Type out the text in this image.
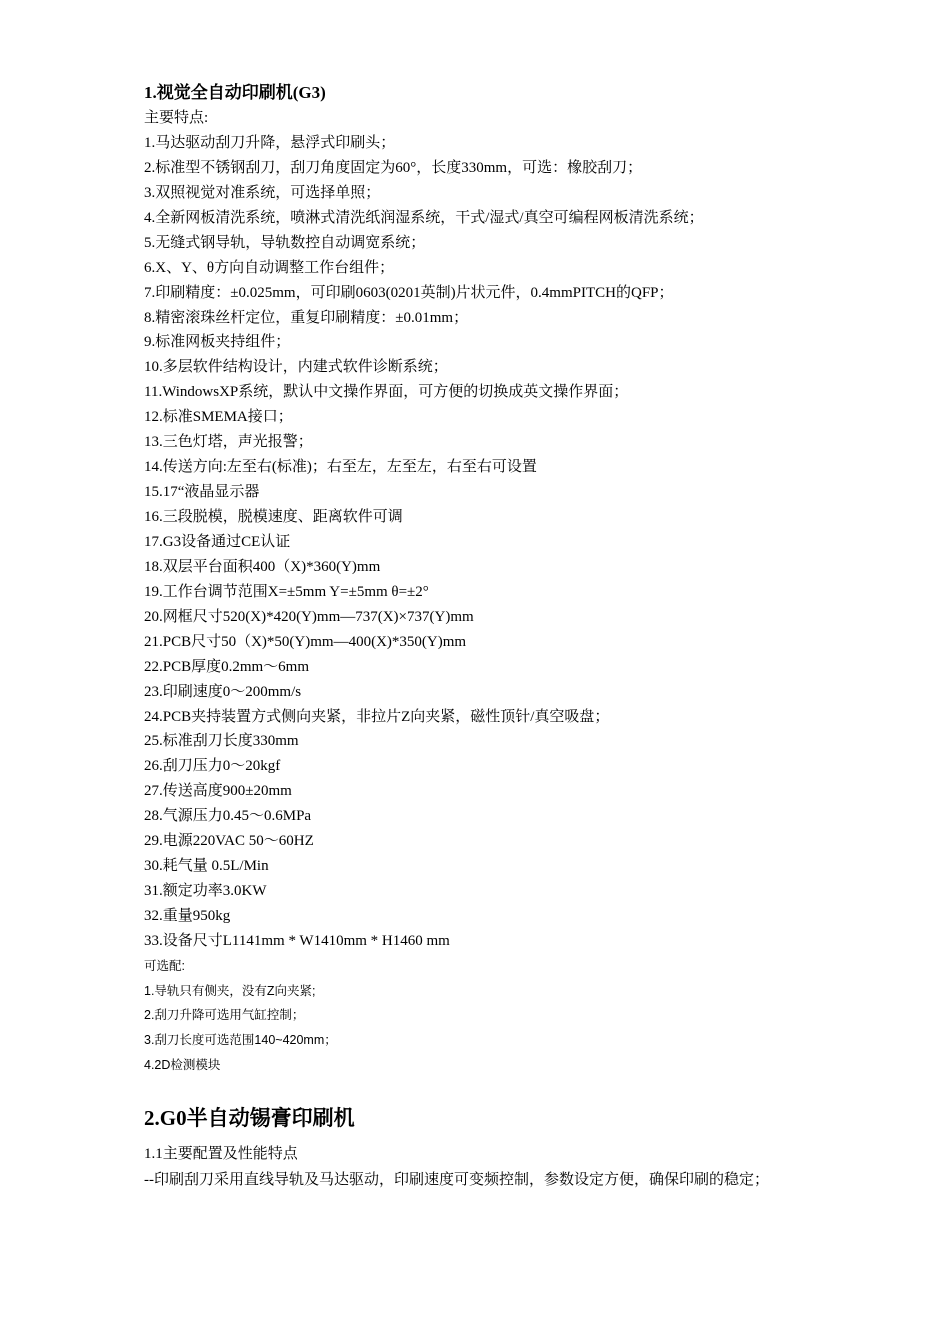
1.视觉全自动印刷机(G3)
主要特点:
1.马达驱动刮刀升降，悬浮式印刷头；
2.标准型不锈钢刮刀，刮刀角度固定为60°，长度330mm，可选：橡胶刮刀；
3.双照视觉对准系统，可选择单照；
4.全新网板清洗系统，喷淋式清洗纸润湿系统，干式/湿式/真空可编程网板清洗系统；
5.无缝式钢导轨，导轨数控自动调宽系统；
6.X、Y、θ方向自动调整工作台组件；
7.印刷精度：±0.025mm，可印刷0603(0201英制)片状元件，0.4mmPITCH的QFP；
8.精密滚珠丝杆定位，重复印刷精度：±0.01mm；
9.标准网板夹持组件；
10.多层软件结构设计，内建式软件诊断系统；
11.WindowsXP系统，默认中文操作界面，可方便的切换成英文操作界面；
12.标准SMEMA接口；
13.三色灯塔，声光报警；
14.传送方向:左至右(标准)；右至左，左至左，右至右可设置
15.17“液晶显示器
16.三段脱模，脱模速度、距离软件可调
17.G3设备通过CE认证
18.双层平台面积400（X)*360(Y)mm
19.工作台调节范围X=±5mm Y=±5mm θ=±2°
20.网框尺寸520(X)*420(Y)mm—737(X)×737(Y)mm
21.PCB尺寸50（X)*50(Y)mm—400(X)*350(Y)mm
22.PCB厚度0.2mm～6mm
23.印刷速度0～200mm/s
24.PCB夹持装置方式侧向夹紧，非拉片Z向夹紧，磁性顶针/真空吸盘；
25.标准刮刀长度330mm
26.刮刀压力0～20kgf
27.传送高度900±20mm
28.气源压力0.45～0.6MPa
29.电源220VAC 50～60HZ
30.耗气量 0.5L/Min
31.额定功率3.0KW
32.重量950kg
33.设备尺寸L1141mm * W1410mm * H1460 mm
可选配:
1.导轨只有侧夹，没有Z向夹紧;
2.刮刀升降可选用气缸控制；
3.刮刀长度可选范围140~420mm；
4.2D检测模块
2.G0半自动锡膏印刷机
1.1主要配置及性能特点
--印刷刮刀采用直线导轨及马达驱动，印刷速度可变频控制，参数设定方便，确保印刷的稳定；
